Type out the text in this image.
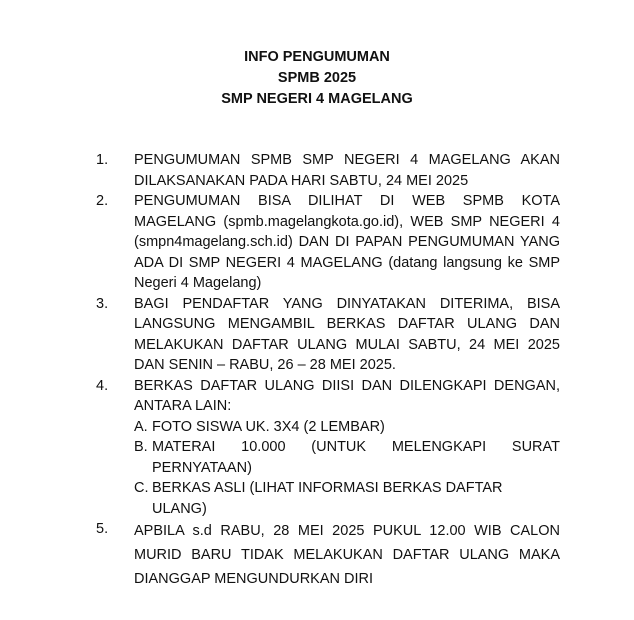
INFO PENGUMUMAN
SPMB 2025
SMP NEGERI 4 MAGELANG
1. PENGUMUMAN SPMB SMP NEGERI 4 MAGELANG AKAN DILAKSANAKAN PADA HARI SABTU, 24 MEI 2025
2. PENGUMUMAN BISA DILIHAT DI WEB SPMB KOTA MAGELANG (spmb.magelangkota.go.id), WEB SMP NEGERI 4 (smpn4magelang.sch.id) DAN DI PAPAN PENGUMUMAN YANG ADA DI SMP NEGERI 4 MAGELANG (datang langsung ke SMP Negeri 4 Magelang)
3. BAGI PENDAFTAR YANG DINYATAKAN DITERIMA, BISA LANGSUNG MENGAMBIL BERKAS DAFTAR ULANG DAN MELAKUKAN DAFTAR ULANG MULAI SABTU, 24 MEI 2025 DAN SENIN – RABU, 26 – 28 MEI 2025.
4. BERKAS DAFTAR ULANG DIISI DAN DILENGKAPI DENGAN, ANTARA LAIN:
A. FOTO SISWA UK. 3X4 (2 LEMBAR)
B. MATERAI 10.000 (UNTUK MELENGKAPI SURAT PERNYATAAN)
C. BERKAS ASLI (LIHAT INFORMASI BERKAS DAFTAR ULANG)
5. APBILA s.d RABU, 28 MEI 2025 PUKUL 12.00 WIB CALON MURID BARU TIDAK MELAKUKAN DAFTAR ULANG MAKA DIANGGAP MENGUNDURKAN DIRI
